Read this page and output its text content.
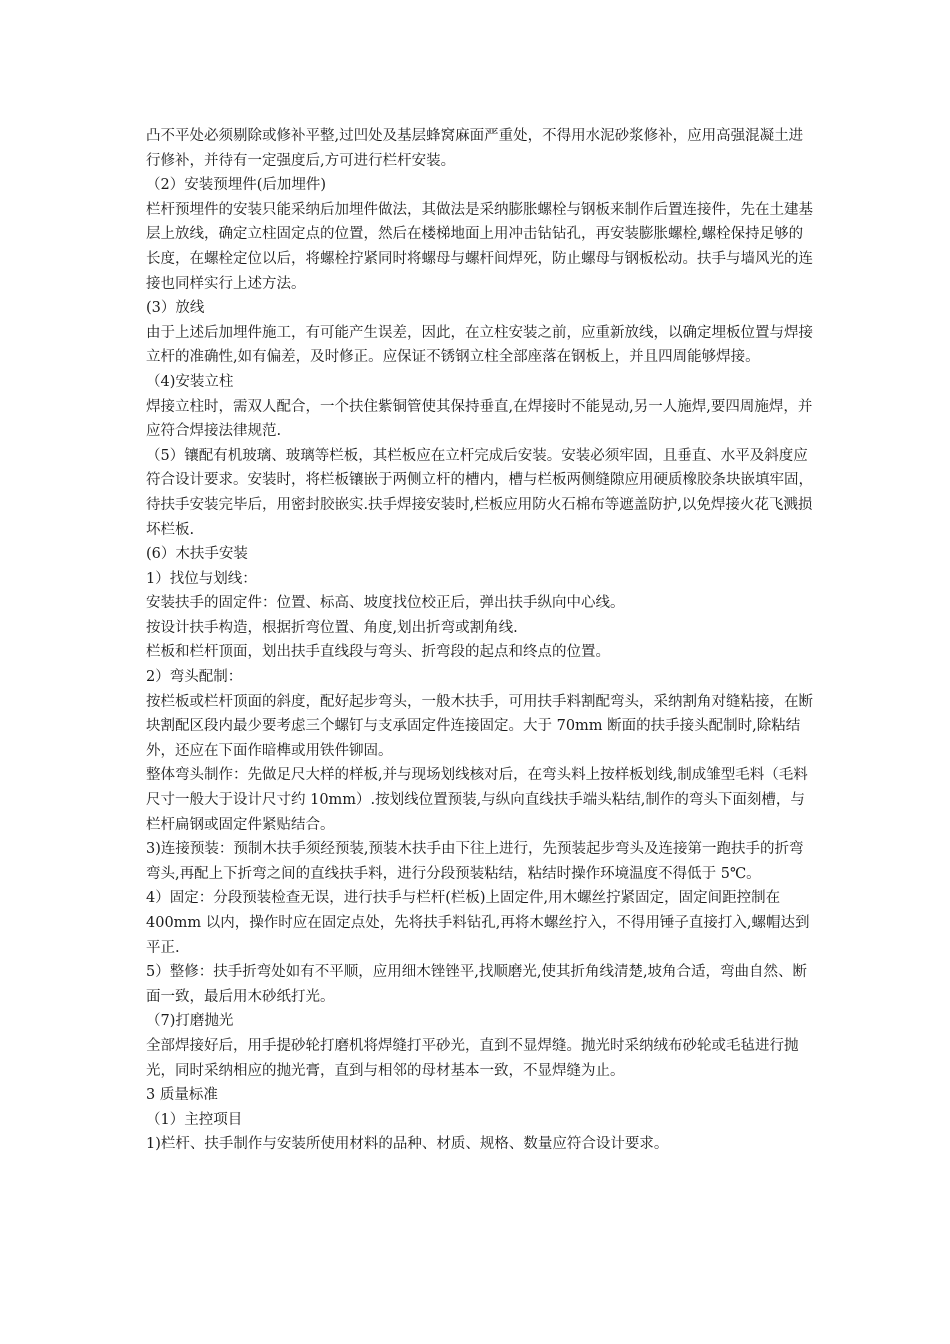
凸不平处必须剔除或修补平整,过凹处及基层蜂窝麻面严重处，不得用水泥砂浆修补，应用高强混凝土进行修补，并待有一定强度后,方可进行栏杆安装。

（2）安装预埋件(后加埋件)

栏杆预埋件的安装只能采纳后加埋件做法，其做法是采纳膨胀螺栓与钢板来制作后置连接件，先在土建基层上放线，确定立柱固定点的位置，然后在楼梯地面上用冲击钻钻孔，再安装膨胀螺栓,螺栓保持足够的长度，在螺栓定位以后，将螺栓拧紧同时将螺母与螺杆间焊死，防止螺母与钢板松动。扶手与墙风光的连接也同样实行上述方法。

(3）放线

由于上述后加埋件施工，有可能产生误差，因此，在立柱安装之前，应重新放线，以确定埋板位置与焊接立杆的准确性,如有偏差，及时修正。应保证不锈钢立柱全部座落在钢板上，并且四周能够焊接。

（4)安装立柱

焊接立柱时，需双人配合，一个扶住紫铜管使其保持垂直,在焊接时不能晃动,另一人施焊,要四周施焊，并应符合焊接法律规范.

（5）镶配有机玻璃、玻璃等栏板，其栏板应在立杆完成后安装。安装必须牢固，且垂直、水平及斜度应符合设计要求。安装时，将栏板镶嵌于两侧立杆的槽内，槽与栏板两侧缝隙应用硬质橡胶条块嵌填牢固，待扶手安装完毕后，用密封胶嵌实.扶手焊接安装时,栏板应用防火石棉布等遮盖防护,以免焊接火花飞溅损坏栏板.

(6）木扶手安装

1）找位与划线：

安装扶手的固定件：位置、标高、坡度找位校正后，弹出扶手纵向中心线。

按设计扶手构造，根据折弯位置、角度,划出折弯或割角线.

栏板和栏杆顶面，划出扶手直线段与弯头、折弯段的起点和终点的位置。

2）弯头配制：

按栏板或栏杆顶面的斜度，配好起步弯头，一般木扶手，可用扶手料割配弯头，采纳割角对缝粘接，在断块割配区段内最少要考虑三个螺钉与支承固定件连接固定。大于 70mm 断面的扶手接头配制时,除粘结外，还应在下面作暗榫或用铁件铆固。

整体弯头制作：先做足尺大样的样板,并与现场划线核对后，在弯头料上按样板划线,制成雏型毛料（毛料尺寸一般大于设计尺寸约 10mm）.按划线位置预装,与纵向直线扶手端头粘结,制作的弯头下面刻槽，与栏杆扁钢或固定件紧贴结合。

3)连接预装：预制木扶手须经预装,预装木扶手由下往上进行，先预装起步弯头及连接第一跑扶手的折弯弯头,再配上下折弯之间的直线扶手料，进行分段预装粘结，粘结时操作环境温度不得低于 5℃。

4）固定：分段预装检查无误，进行扶手与栏杆(栏板)上固定件,用木螺丝拧紧固定，固定间距控制在 400mm 以内，操作时应在固定点处，先将扶手料钻孔,再将木螺丝拧入，不得用锤子直接打入,螺帽达到平正.

5）整修：扶手折弯处如有不平顺，应用细木锉锉平,找顺磨光,使其折角线清楚,坡角合适，弯曲自然、断面一致，最后用木砂纸打光。

（7)打磨抛光

全部焊接好后，用手提砂轮打磨机将焊缝打平砂光，直到不显焊缝。抛光时采纳绒布砂轮或毛毡进行抛光，同时采纳相应的抛光膏，直到与相邻的母材基本一致，不显焊缝为止。

3 质量标准

（1）主控项目

1)栏杆、扶手制作与安装所使用材料的品种、材质、规格、数量应符合设计要求。
